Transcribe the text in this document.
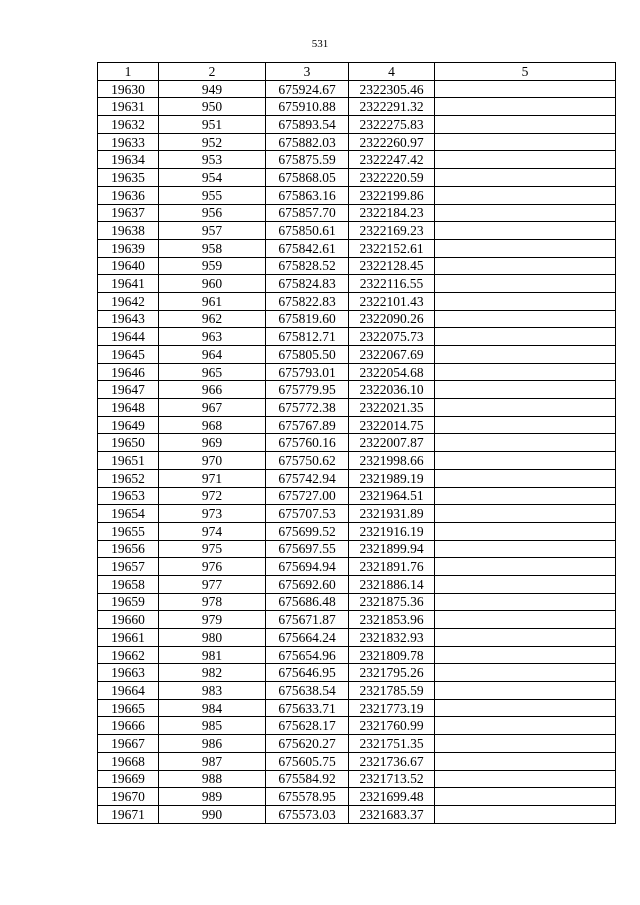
531
1	2	3	4	5
19630	949	675924.67	2322305.46	
19631	950	675910.88	2322291.32	
19632	951	675893.54	2322275.83	
19633	952	675882.03	2322260.97	
19634	953	675875.59	2322247.42	
19635	954	675868.05	2322220.59	
19636	955	675863.16	2322199.86	
19637	956	675857.70	2322184.23	
19638	957	675850.61	2322169.23	
19639	958	675842.61	2322152.61	
19640	959	675828.52	2322128.45	
19641	960	675824.83	2322116.55	
19642	961	675822.83	2322101.43	
19643	962	675819.60	2322090.26	
19644	963	675812.71	2322075.73	
19645	964	675805.50	2322067.69	
19646	965	675793.01	2322054.68	
19647	966	675779.95	2322036.10	
19648	967	675772.38	2322021.35	
19649	968	675767.89	2322014.75	
19650	969	675760.16	2322007.87	
19651	970	675750.62	2321998.66	
19652	971	675742.94	2321989.19	
19653	972	675727.00	2321964.51	
19654	973	675707.53	2321931.89	
19655	974	675699.52	2321916.19	
19656	975	675697.55	2321899.94	
19657	976	675694.94	2321891.76	
19658	977	675692.60	2321886.14	
19659	978	675686.48	2321875.36	
19660	979	675671.87	2321853.96	
19661	980	675664.24	2321832.93	
19662	981	675654.96	2321809.78	
19663	982	675646.95	2321795.26	
19664	983	675638.54	2321785.59	
19665	984	675633.71	2321773.19	
19666	985	675628.17	2321760.99	
19667	986	675620.27	2321751.35	
19668	987	675605.75	2321736.67	
19669	988	675584.92	2321713.52	
19670	989	675578.95	2321699.48	
19671	990	675573.03	2321683.37	
